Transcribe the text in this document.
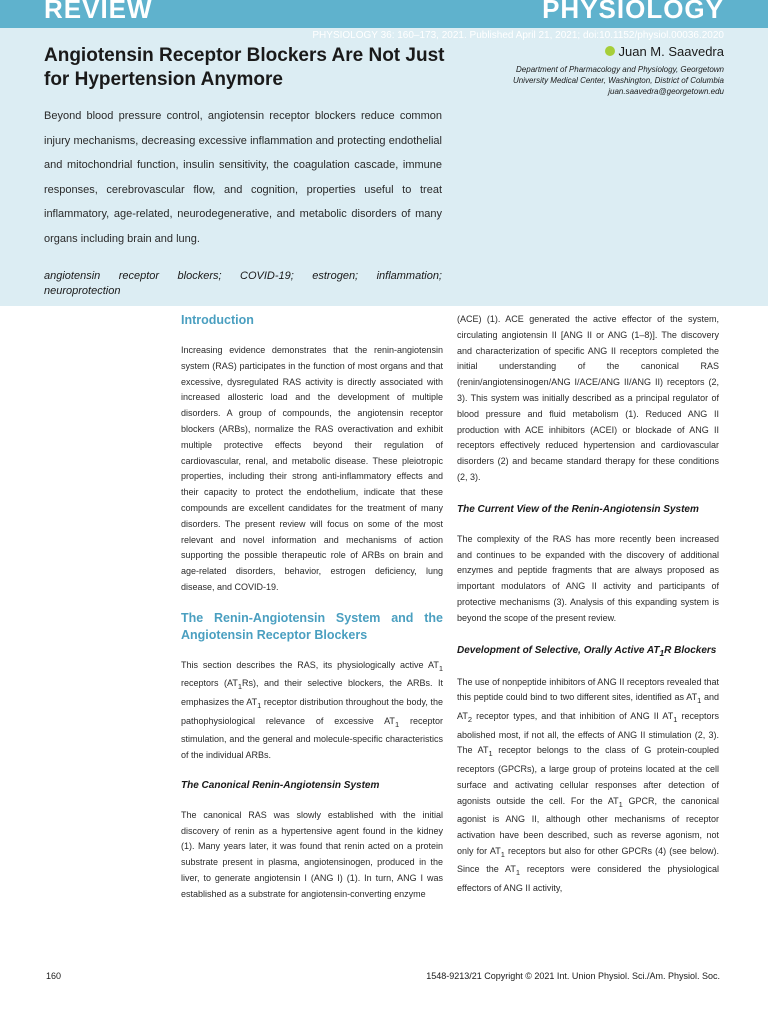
REVIEW	PHYSIOLOGY
PHYSIOLOGY 36: 160–173, 2021. Published April 21, 2021; doi:10.1152/physiol.00036.2020
Angiotensin Receptor Blockers Are Not Just for Hypertension Anymore
Juan M. Saavedra
Department of Pharmacology and Physiology, Georgetown
University Medical Center, Washington, District of Columbia
juan.saavedra@georgetown.edu
Beyond blood pressure control, angiotensin receptor blockers reduce common injury mechanisms, decreasing excessive inflammation and protecting endothelial and mitochondrial function, insulin sensitivity, the coagulation cascade, immune responses, cerebrovascular flow, and cognition, properties useful to treat inflammatory, age-related, neurodegenerative, and metabolic disorders of many organs including brain and lung.
angiotensin receptor blockers; COVID-19; estrogen; inflammation; neuroprotection

Introduction

Increasing evidence demonstrates that the renin-angiotensin system (RAS) participates in the function of most organs and that excessive, dysregulated RAS activity is directly associated with increased allosteric load and the development of multiple disorders. A group of compounds, the angiotensin receptor blockers (ARBs), normalize the RAS overactivation and exhibit multiple protective effects beyond their regulation of cardiovascular, renal, and metabolic disease. These pleiotropic properties, including their strong anti-inflammatory effects and their capacity to protect the endothelium, indicate that these compounds are excellent candidates for the treatment of many disorders. The present review will focus on some of the most relevant and novel information and mechanisms of action supporting the possible therapeutic role of ARBs on brain and age-related disorders, behavior, estrogen deficiency, lung disease, and COVID-19.

The Renin-Angiotensin System and the Angiotensin Receptor Blockers

This section describes the RAS, its physiologically active $AT_1$ receptors $(AT_1Rs)$, and their selective blockers, the ARBs. It emphasizes the $AT_1$ receptor distribution throughout the body, the pathophysiological relevance of excessive $AT_1$ receptor stimulation, and the general and molecule-specific characteristics of the individual ARBs.

The Canonical Renin-Angiotensin System

The canonical RAS was slowly established with the initial discovery of renin as a hypertensive agent found in the kidney (1). Many years later, it was found that renin acted on a protein substrate present in plasma, angiotensinogen, produced in the liver, to generate angiotensin I (ANG I) (1). In turn, ANG I was established as a substrate for angiotensin-converting enzyme

(ACE) (1). ACE generated the active effector of the system, circulating angiotensin II [ANG II or ANG (1–8)]. The discovery and characterization of specific ANG II receptors completed the initial understanding of the canonical RAS (renin/angiotensinogen/ANG I/ACE/ANG II/ANG II) receptors (2, 3). This system was initially described as a principal regulator of blood pressure and fluid metabolism (1). Reduced ANG II production with ACE inhibitors (ACEI) or blockade of ANG II receptors effectively reduced hypertension and cardiovascular disorders (2) and became standard therapy for these conditions (2, 3).

The Current View of the Renin-Angiotensin System

The complexity of the RAS has more recently been increased and continues to be expanded with the discovery of additional enzymes and peptide fragments that are always proposed as important modulators of ANG II activity and participants of protective mechanisms (3). Analysis of this expanding system is beyond the scope of the present review.

Development of Selective, Orally Active $AT_1R$ Blockers

The use of nonpeptide inhibitors of ANG II receptors revealed that this peptide could bind to two different sites, identified as $AT_1$ and $AT_2$ receptor types, and that inhibition of ANG II $AT_1$ receptors abolished most, if not all, the effects of ANG II stimulation (2, 3). The $AT_1$ receptor belongs to the class of G protein-coupled receptors (GPCRs), a large group of proteins located at the cell surface and activating cellular responses after detection of agonists outside the cell. For the $AT_1$ GPCR, the canonical agonist is ANG II, although other mechanisms of receptor activation have been described, such as reverse agonism, not only for $AT_1$ receptors but also for other GPCRs (4) (see below). Since the $AT_1$ receptors were considered the physiological effectors of ANG II activity,

160	1548-9213/21 Copyright © 2021 Int. Union Physiol. Sci./Am. Physiol. Soc.
